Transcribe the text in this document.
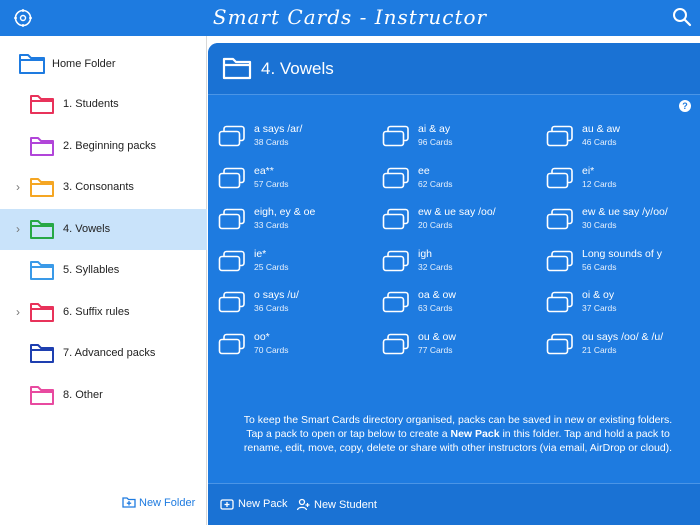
Smart Cards - Instructor
Home Folder
1. Students
2. Beginning packs
›	3. Consonants
›	4. Vowels
5. Syllables
›	6. Suffix rules
7. Advanced packs
8. Other
New Folder
4. Vowels
?
a says /ar/
38 Cards
ai & ay
96 Cards
au & aw
46 Cards
ea**
57 Cards
ee
62 Cards
ei*
12 Cards
eigh, ey & oe
33 Cards
ew & ue say /oo/
20 Cards
ew & ue say /y/oo/
30 Cards
ie*
25 Cards
igh
32 Cards
Long sounds of y
56 Cards
o says /u/
36 Cards
oa & ow
63 Cards
oi & oy
37 Cards
oo*
70 Cards
ou & ow
77 Cards
ou says /oo/ & /u/
21 Cards
To keep the Smart Cards directory organised, packs can be saved in new or existing folders. Tap a pack to open or tap below to create a New Pack in this folder. Tap and hold a pack to rename, edit, move, copy, delete or share with other instructors (via email, AirDrop or cloud).
New Pack	New Student
